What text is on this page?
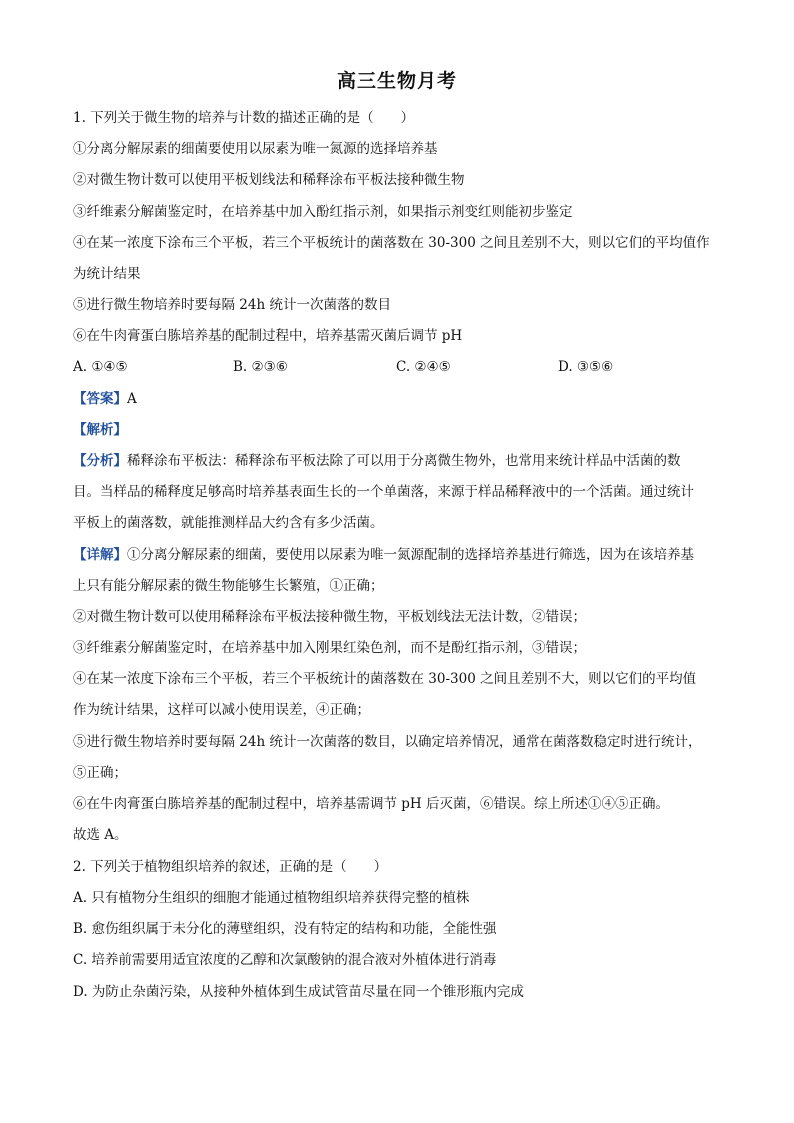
高三生物月考
1. 下列关于微生物的培养与计数的描述正确的是（　　）
①分离分解尿素的细菌要使用以尿素为唯一氮源的选择培养基
②对微生物计数可以使用平板划线法和稀释涂布平板法接种微生物
③纤维素分解菌鉴定时，在培养基中加入酚红指示剂，如果指示剂变红则能初步鉴定
④在某一浓度下涂布三个平板，若三个平板统计的菌落数在 30-300 之间且差别不大，则以它们的平均值作
为统计结果
⑤进行微生物培养时要每隔 24h 统计一次菌落的数目
⑥在牛肉膏蛋白胨培养基的配制过程中，培养基需灭菌后调节 pH
A. ①④⑤	B. ②③⑥	C. ②④⑤	D. ③⑤⑥
【答案】A
【解析】
【分析】稀释涂布平板法：稀释涂布平板法除了可以用于分离微生物外，也常用来统计样品中活菌的数
目。当样品的稀释度足够高时培养基表面生长的一个单菌落，来源于样品稀释液中的一个活菌。通过统计
平板上的菌落数，就能推测样品大约含有多少活菌。
【详解】①分离分解尿素的细菌，要使用以尿素为唯一氮源配制的选择培养基进行筛选，因为在该培养基
上只有能分解尿素的微生物能够生长繁殖，①正确；
②对微生物计数可以使用稀释涂布平板法接种微生物，平板划线法无法计数，②错误；
③纤维素分解菌鉴定时，在培养基中加入刚果红染色剂，而不是酚红指示剂，③错误；
④在某一浓度下涂布三个平板，若三个平板统计的菌落数在 30-300 之间且差别不大，则以它们的平均值
作为统计结果，这样可以减小使用误差，④正确；
⑤进行微生物培养时要每隔 24h 统计一次菌落的数目，以确定培养情况，通常在菌落数稳定时进行统计，
⑤正确；
⑥在牛肉膏蛋白胨培养基的配制过程中，培养基需调节 pH 后灭菌，⑥错误。综上所述①④⑤正确。
故选 A。
2. 下列关于植物组织培养的叙述，正确的是（　　）
A. 只有植物分生组织的细胞才能通过植物组织培养获得完整的植株
B. 愈伤组织属于未分化的薄壁组织，没有特定的结构和功能，全能性强
C. 培养前需要用适宜浓度的乙醇和次氯酸钠的混合液对外植体进行消毒
D. 为防止杂菌污染，从接种外植体到生成试管苗尽量在同一个锥形瓶内完成
